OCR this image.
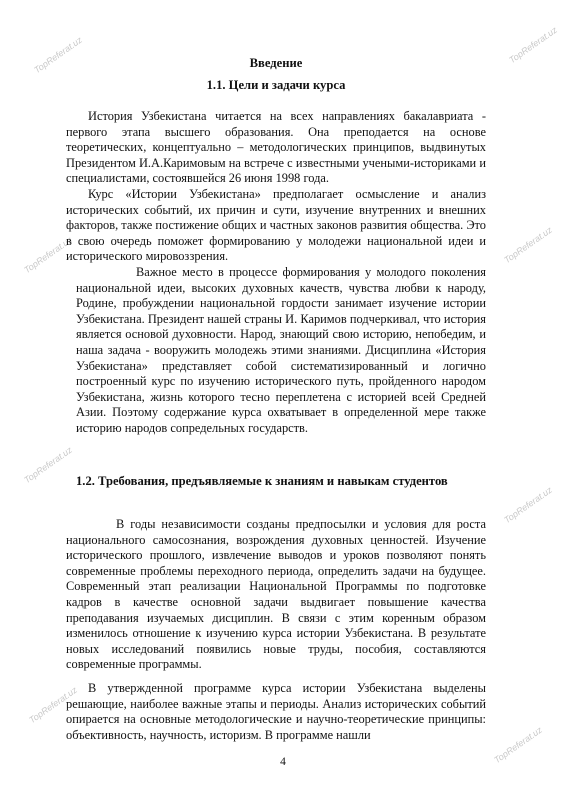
TopReferat.uz	TopReferat.uz
TopReferat.uz	TopReferat.uz
TopReferat.uz
TopReferat.uz
TopReferat.uz
TopReferat.uz
Введение
1.1. Цели и задачи курса

История Узбекистана читается на всех направлениях бакалавриата - первого этапа высшего образования. Она преподается на основе теоретических, концептуально – методологических принципов, выдвинутых Президентом И.А.Каримовым на встрече с известными учеными-историками и специалистами, состоявшейся 26 июня 1998 года.

Курс «Истории Узбекистана» предполагает осмысление и анализ исторических событий, их причин и сути, изучение внутренних и внешних факторов, также постижение общих и частных законов развития общества. Это в свою очередь поможет формированию у молодежи национальной идеи и исторического мировоззрения.

Важное место в процессе формирования у молодого поколения национальной идеи, высоких духовных качеств, чувства любви к народу, Родине, пробуждении национальной гордости занимает изучение истории Узбекистана. Президент нашей страны И. Каримов подчеркивал, что история является основой духовности. Народ, знающий свою историю, непобедим, и наша задача - вооружить молодежь этими знаниями. Дисциплина «История Узбекистана» представляет собой систематизированный и логично построенный курс по изучению исторического путь, пройденного народом Узбекистана, жизнь которого тесно переплетена с историей всей Средней Азии. Поэтому содержание курса охватывает в определенной мере также историю народов сопредельных государств.

1.2. Требования, предъявляемые к знаниям и навыкам студентов

В годы независимости созданы предпосылки и условия для роста национального самосознания, возрождения духовных ценностей. Изучение исторического прошлого, извлечение выводов и уроков позволяют понять современные проблемы переходного периода, определить задачи на будущее. Современный этап реализации Национальной Программы по подготовке кадров в качестве основной задачи выдвигает повышение качества преподавания изучаемых дисциплин. В связи с этим коренным образом изменилось отношение к изучению курса истории Узбекистана. В результате новых исследований появились новые труды, пособия, составляются современные программы.

В утвержденной программе курса истории Узбекистана выделены решающие, наиболее важные этапы и периоды. Анализ исторических событий опирается на основные методологические и научно-теоретические принципы: объективность, научность, историзм. В программе нашли

4
